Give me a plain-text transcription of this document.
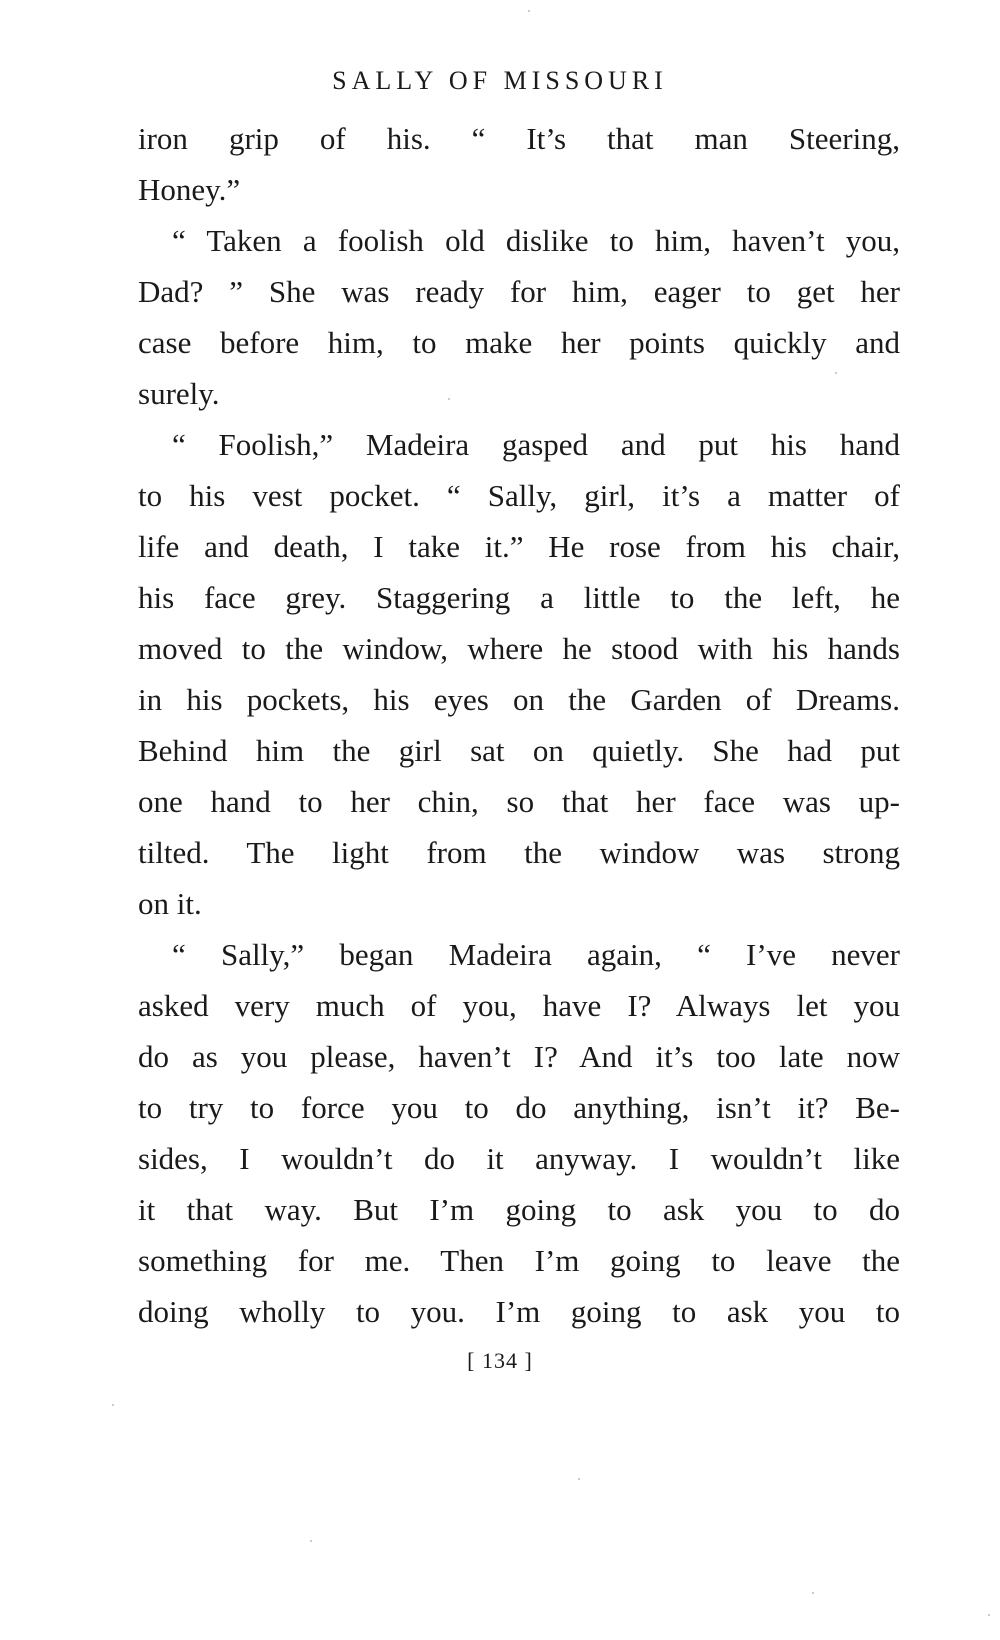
SALLY OF MISSOURI
iron grip of his. “ It’s that man Steering,
Honey.”
“ Taken a foolish old dislike to him, haven’t you,
Dad? ” She was ready for him, eager to get her
case before him, to make her points quickly and
surely.
“ Foolish,” Madeira gasped and put his hand
to his vest pocket. “ Sally, girl, it’s a matter of
life and death, I take it.” He rose from his chair,
his face grey. Staggering a little to the left, he
moved to the window, where he stood with his hands
in his pockets, his eyes on the Garden of Dreams.
Behind him the girl sat on quietly. She had put
one hand to her chin, so that her face was up-
tilted. The light from the window was strong
on it.
“ Sally,” began Madeira again, “ I’ve never
asked very much of you, have I? Always let you
do as you please, haven’t I? And it’s too late now
to try to force you to do anything, isn’t it? Be-
sides, I wouldn’t do it anyway. I wouldn’t like
it that way. But I’m going to ask you to do
something for me. Then I’m going to leave the
doing wholly to you. I’m going to ask you to
[ 134 ]
